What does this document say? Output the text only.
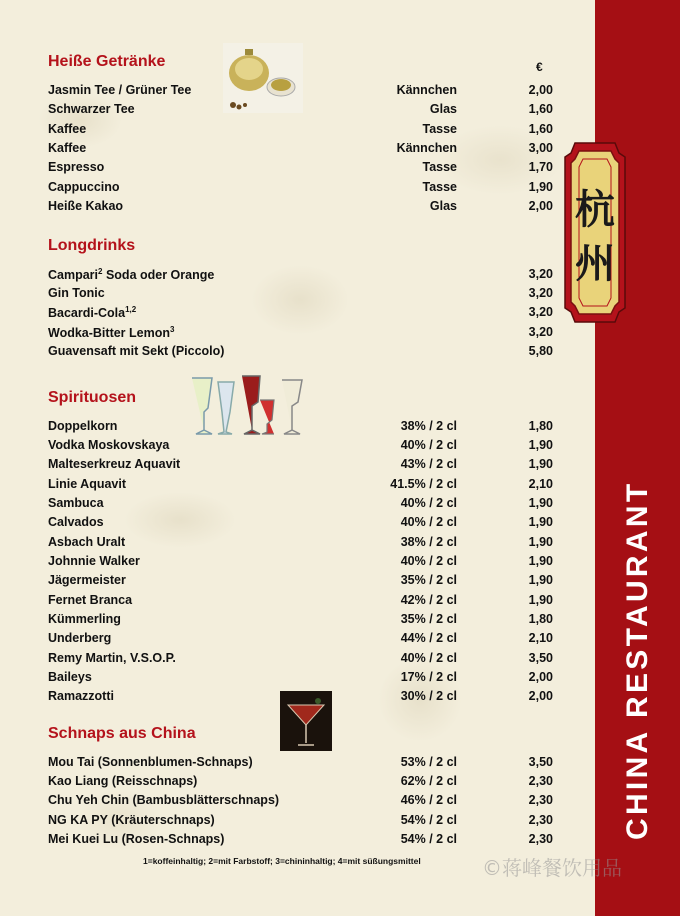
CHINA RESTAURANT
杭
州
€
Heiße Getränke
Longdrinks
Spirituosen
Schnaps aus China
Jasmin Tee / Grüner Tee	Kännchen	2,00
Schwarzer Tee	Glas	1,60
Kaffee	Tasse	1,60
Kaffee	Kännchen	3,00
Espresso	Tasse	1,70
Cappuccino	Tasse	1,90
Heiße Kakao	Glas	2,00
Campari$^2$ Soda oder Orange	3,20
Gin Tonic	3,20
Bacardi-Cola$^{1,2}$	3,20
Wodka-Bitter Lemon$^3$	3,20
Guavensaft mit Sekt (Piccolo)	5,80
Doppelkorn	38% / 2 cl	1,80
Vodka Moskovskaya	40% / 2 cl	1,90
Malteserkreuz Aquavit	43% / 2 cl	1,90
Linie Aquavit	41.5% / 2 cl	2,10
Sambuca	40% / 2 cl	1,90
Calvados	40% / 2 cl	1,90
Asbach Uralt	38% / 2 cl	1,90
Johnnie Walker	40% / 2 cl	1,90
Jägermeister	35% / 2 cl	1,90
Fernet Branca	42% / 2 cl	1,90
Kümmerling	35% / 2 cl	1,80
Underberg	44% / 2 cl	2,10
Remy Martin, V.S.O.P.	40% / 2 cl	3,50
Baileys	17% / 2 cl	2,00
Ramazzotti	30% / 2 cl	2,00
Mou Tai (Sonnenblumen-Schnaps)	53% / 2 cl	3,50
Kao Liang (Reisschnaps)	62% / 2 cl	2,30
Chu Yeh Chin (Bambusblätterschnaps)	46% / 2 cl	2,30
NG KA PY (Kräuterschnaps)	54% / 2 cl	2,30
Mei Kuei Lu (Rosen-Schnaps)	54% / 2 cl	2,30
1=koffeinhaltig; 2=mit Farbstoff; 3=chininhaltig; 4=mit süßungsmittel	©蒋峰餐饮用品
